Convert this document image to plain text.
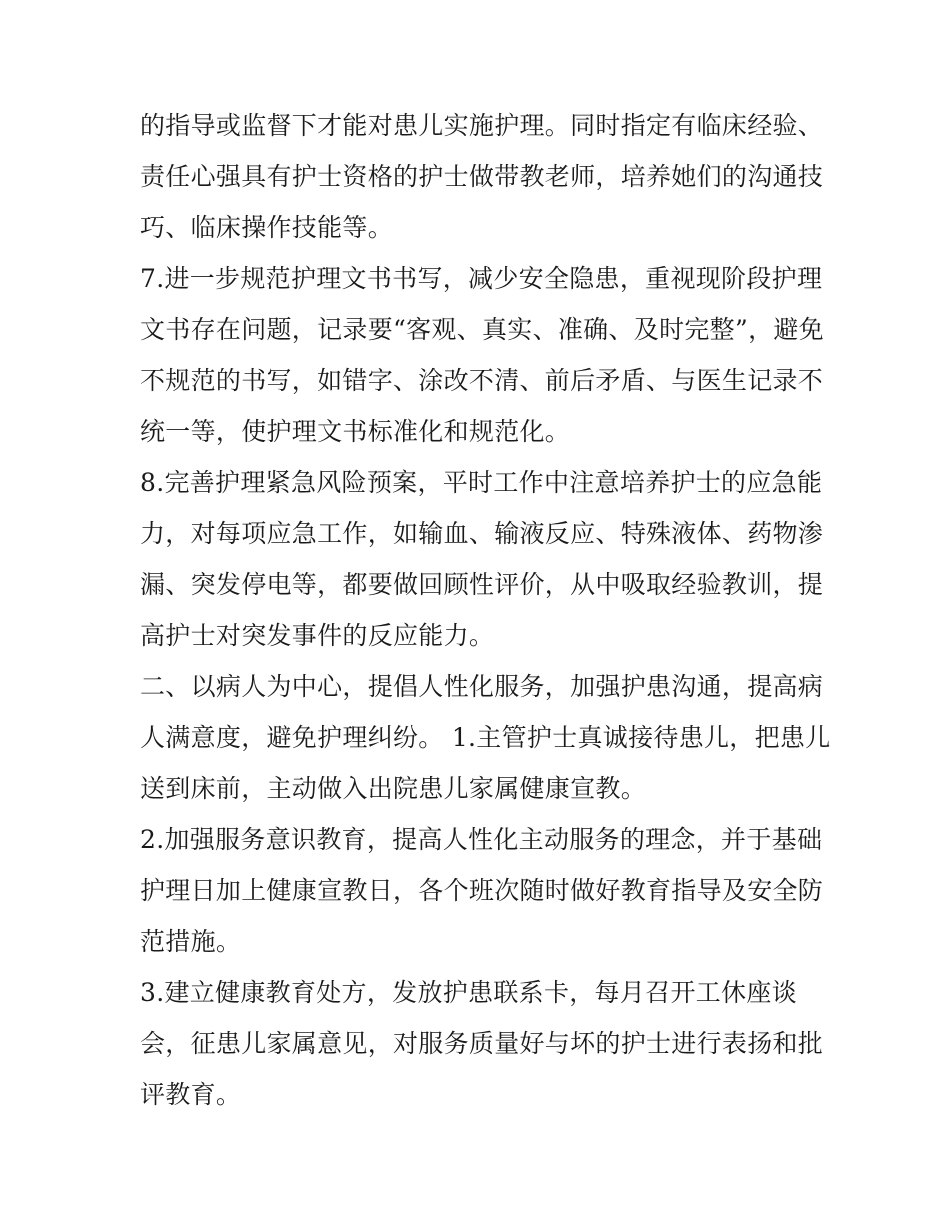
的指导或监督下才能对患儿实施护理。同时指定有临床经验、
责任心强具有护士资格的护士做带教老师，培养她们的沟通技
巧、临床操作技能等。
7.进一步规范护理文书书写，减少安全隐患，重视现阶段护理
文书存在问题，记录要“客观、真实、准确、及时完整”，避免
不规范的书写，如错字、涂改不清、前后矛盾、与医生记录不
统一等，使护理文书标准化和规范化。
8.完善护理紧急风险预案，平时工作中注意培养护士的应急能
力，对每项应急工作，如输血、输液反应、特殊液体、药物渗
漏、突发停电等，都要做回顾性评价，从中吸取经验教训，提
高护士对突发事件的反应能力。
二、以病人为中心，提倡人性化服务，加强护患沟通，提高病
人满意度，避免护理纠纷。 1.主管护士真诚接待患儿，把患儿
送到床前，主动做入出院患儿家属健康宣教。
2.加强服务意识教育，提高人性化主动服务的理念，并于基础
护理日加上健康宣教日，各个班次随时做好教育指导及安全防
范措施。
3.建立健康教育处方，发放护患联系卡，每月召开工休座谈
会，征患儿家属意见，对服务质量好与坏的护士进行表扬和批
评教育。
